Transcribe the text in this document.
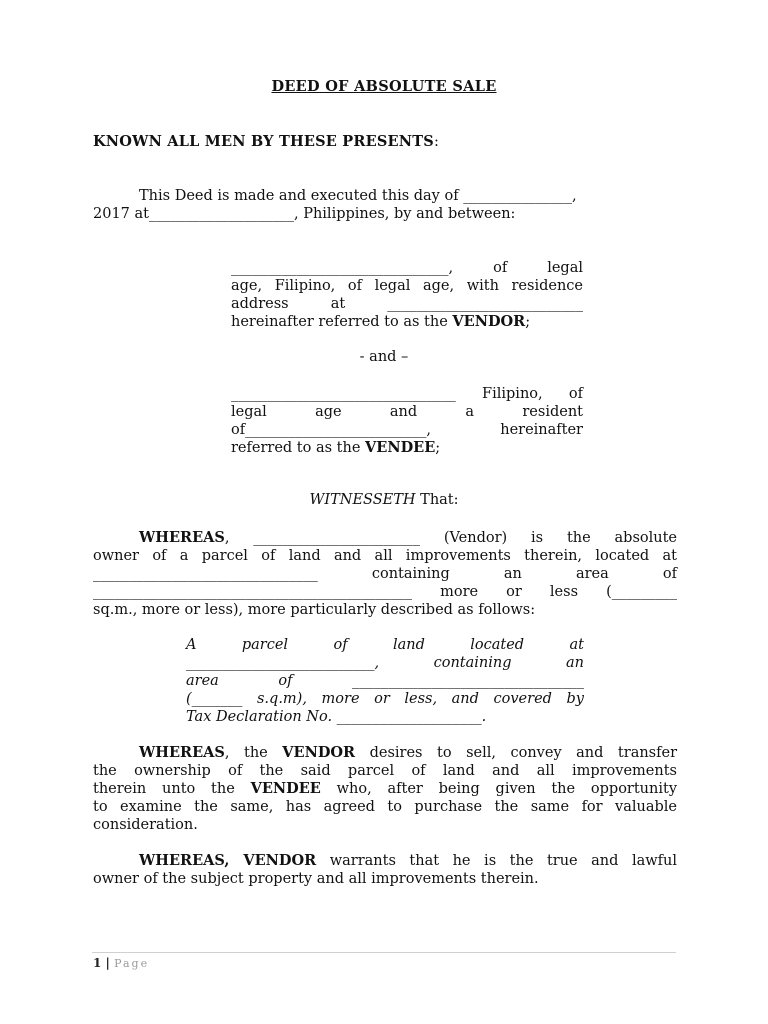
DEED OF ABSOLUTE SALE
KNOWN ALL MEN BY THESE PRESENTS:
This Deed is made and executed this day of _______________,
2017 at____________________, Philippines, by and between:
______________________________,	of legal
age, Filipino, of legal age, with residence
address at	___________________________
hereinafter referred to as the VENDOR;
- and –
_______________________________ Filipino, of
legal	age	and	a	resident
of_________________________,	hereinafter
referred to as the VENDEE;
WITNESSETH That:
WHEREAS, _______________________ (Vendor) is the absolute
owner of a parcel of land and all improvements therein, located at
_______________________________	containing	an	area	of
____________________________________________ more or less (_________
sq.m., more or less), more particularly described as follows:
A	parcel	of	land	located	at
__________________________,	containing an
area of	________________________________
(_______ s.q.m), more or less, and covered by
Tax Declaration No. ____________________.
WHEREAS, the VENDOR desires to sell, convey and transfer
the ownership of the said parcel of land and all improvements
therein unto the VENDEE who, after being given the opportunity
to examine the same, has agreed to purchase the same for valuable
consideration.
WHEREAS, VENDOR warrants that he is the true and lawful
owner of the subject property and all improvements therein.
1 | Page
